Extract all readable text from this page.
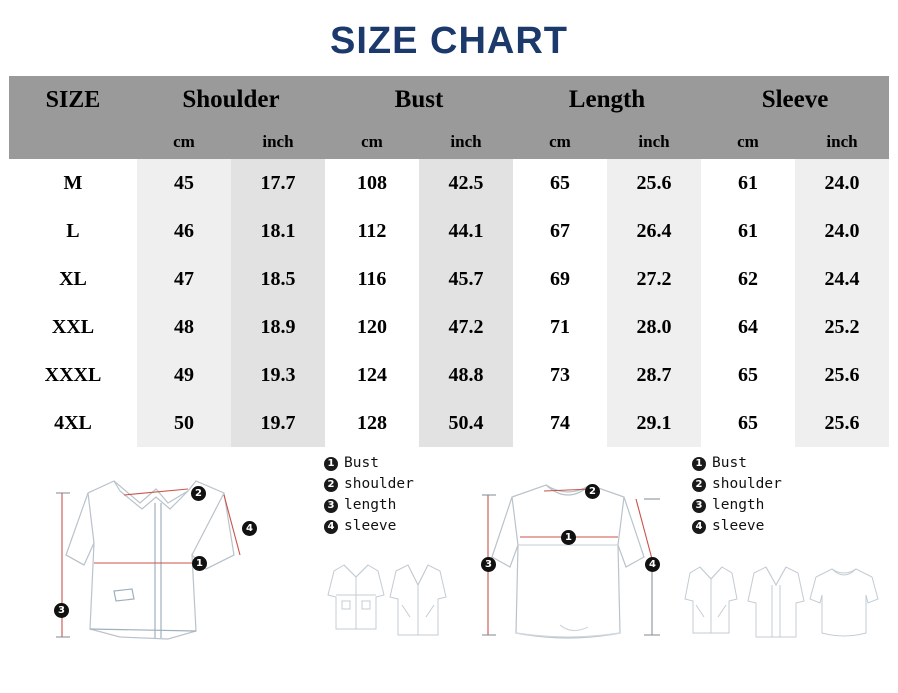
SIZE CHART
SIZE	Shoulder		Bust		Length		Sleeve	
	cm	inch	cm	inch	cm	inch	cm	inch
M	45	17.7	108	42.5	65	25.6	61	24.0
L	46	18.1	112	44.1	67	26.4	61	24.0
XL	47	18.5	116	45.7	69	27.2	62	24.4
XXL	48	18.9	120	47.2	71	28.0	64	25.2
XXXL	49	19.3	124	48.8	73	28.7	65	25.6
4XL	50	19.7	128	50.4	74	29.1	65	25.6
1
2
3
4
1 Bust
2 shoulder
3 length
4 sleeve
1
2
3	4
1 Bust
2 shoulder
3 length
4 sleeve
